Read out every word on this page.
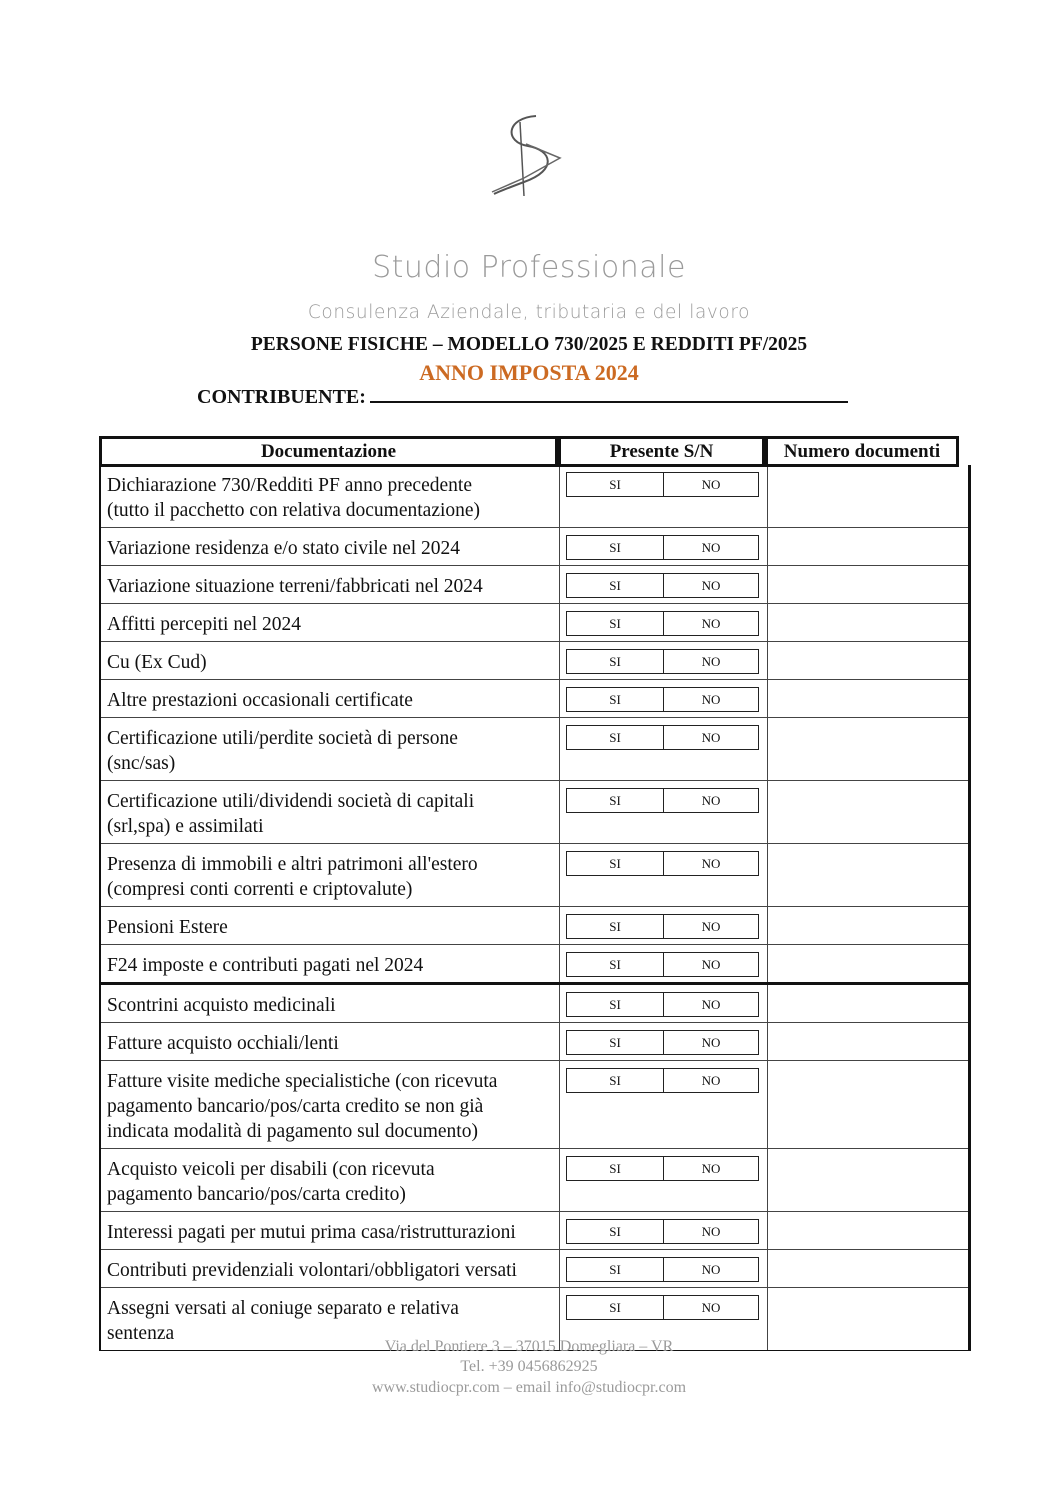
Studio Professionale
Consulenza Aziendale, tributaria e del lavoro
PERSONE FISICHE – MODELLO 730/2025 E REDDITI PF/2025
ANNO IMPOSTA 2024
CONTRIBUENTE:
Documentazione	Presente S/N	Numero documenti
Dichiarazione 730/Redditi PF anno precedente
(tutto il pacchetto con relativa documentazione)
SI	NO
Variazione residenza e/o stato civile nel 2024	SI	NO
Variazione situazione terreni/fabbricati nel 2024	SI	NO
Affitti percepiti nel 2024	SI	NO
Cu (Ex Cud)	SI	NO
Altre prestazioni occasionali certificate	SI	NO
Certificazione utili/perdite società di persone
(snc/sas)
SI	NO
Certificazione utili/dividendi società di capitali
(srl,spa) e assimilati
SI	NO
Presenza di immobili e altri patrimoni all'estero
(compresi conti correnti e criptovalute)
SI	NO
Pensioni Estere	SI	NO
F24 imposte e contributi pagati nel 2024	SI	NO
Scontrini acquisto medicinali	SI	NO
Fatture acquisto occhiali/lenti	SI	NO
Fatture visite mediche specialistiche (con ricevuta
pagamento bancario/pos/carta credito se non già
indicata modalità di pagamento sul documento)
SI	NO
Acquisto veicoli per disabili (con ricevuta
pagamento bancario/pos/carta credito)
SI	NO
Interessi pagati per mutui prima casa/ristrutturazioni	SI	NO
Contributi previdenziali volontari/obbligatori versati	SI	NO
Assegni versati al coniuge separato e relativa
sentenza
SI	NO
Via del Pontiere 3 – 37015 Domegliara – VR
Tel. +39 0456862925
www.studiocpr.com – email info@studiocpr.com
